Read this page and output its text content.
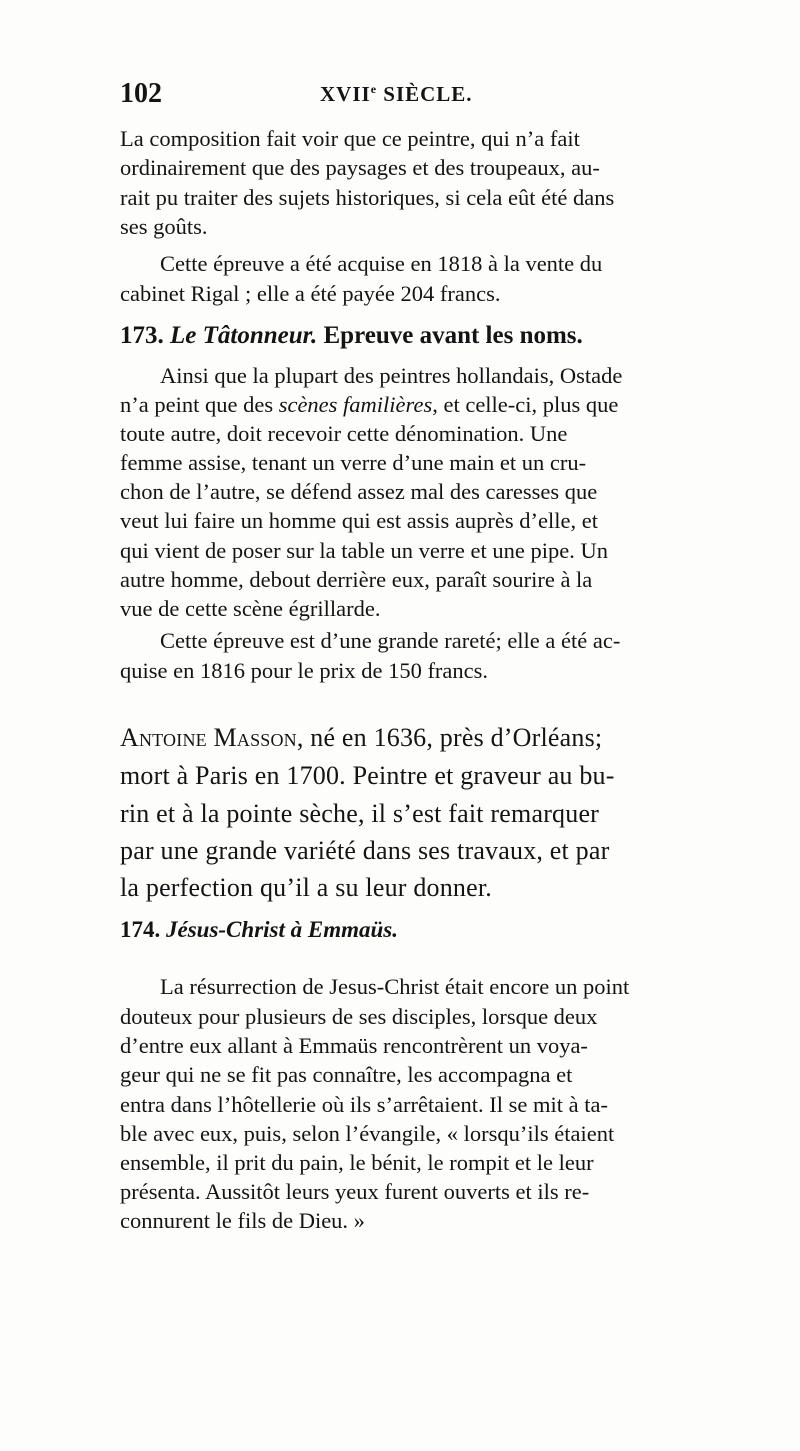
102	XVIIe SIÈCLE.
La composition fait voir que ce peintre, qui n’a fait
ordinairement que des paysages et des troupeaux, au-
rait pu traiter des sujets historiques, si cela eût été dans
ses goûts.
Cette épreuve a été acquise en 1818 à la vente du
cabinet Rigal ; elle a été payée 204 francs.
173. Le Tâtonneur. Epreuve avant les noms.
Ainsi que la plupart des peintres hollandais, Ostade
n’a peint que des scènes familières, et celle-ci, plus que
toute autre, doit recevoir cette dénomination. Une
femme assise, tenant un verre d’une main et un cru-
chon de l’autre, se défend assez mal des caresses que
veut lui faire un homme qui est assis auprès d’elle, et
qui vient de poser sur la table un verre et une pipe. Un
autre homme, debout derrière eux, paraît sourire à la
vue de cette scène égrillarde.
Cette épreuve est d’une grande rareté; elle a été ac-
quise en 1816 pour le prix de 150 francs.
Antoine Masson, né en 1636, près d’Orléans;
mort à Paris en 1700. Peintre et graveur au bu-
rin et à la pointe sèche, il s’est fait remarquer
par une grande variété dans ses travaux, et par
la perfection qu’il a su leur donner.
174. Jésus-Christ à Emmaüs.
La résurrection de Jesus-Christ était encore un point
douteux pour plusieurs de ses disciples, lorsque deux
d’entre eux allant à Emmaüs rencontrèrent un voya-
geur qui ne se fit pas connaître, les accompagna et
entra dans l’hôtellerie où ils s’arrêtaient. Il se mit à ta-
ble avec eux, puis, selon l’évangile, « lorsqu’ils étaient
ensemble, il prit du pain, le bénit, le rompit et le leur
présenta. Aussitôt leurs yeux furent ouverts et ils re-
connurent le fils de Dieu. »
